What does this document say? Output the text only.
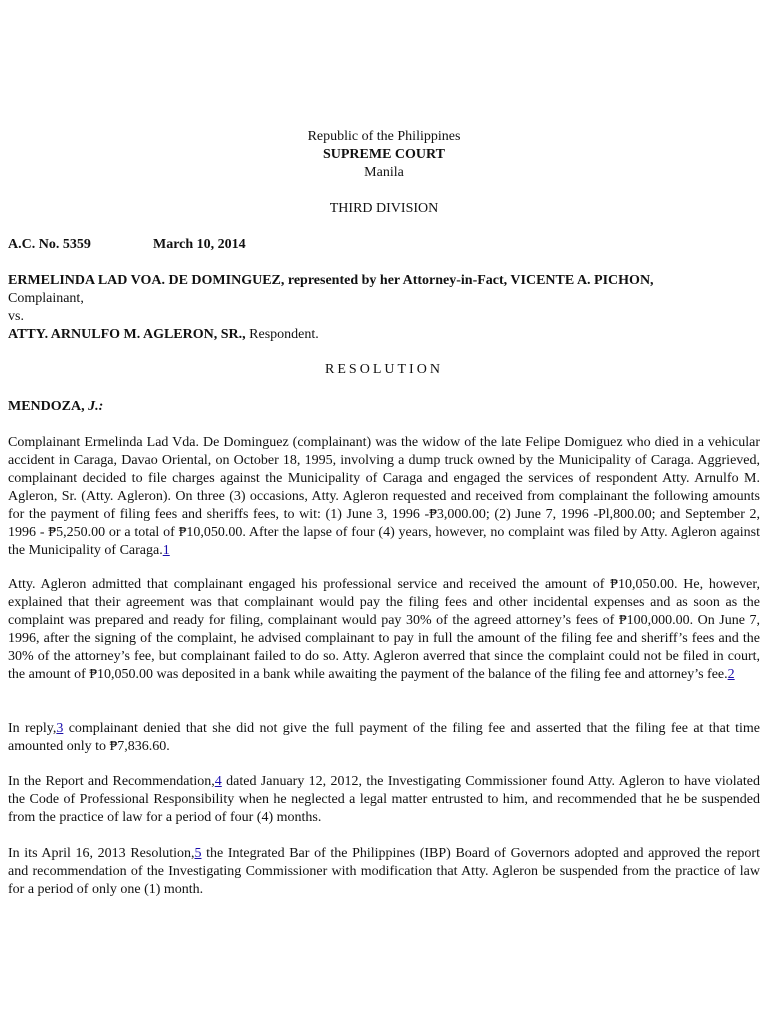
Republic of the Philippines
SUPREME COURT
Manila
THIRD DIVISION
A.C. No. 5359	March 10, 2014

ERMELINDA LAD VOA. DE DOMINGUEZ, represented by her Attorney-in-Fact, VICENTE A. PICHON,

Complainant,

vs.

ATTY. ARNULFO M. AGLERON, SR., Respondent.

RESOLUTION
MENDOZA, J.:

Complainant Ermelinda Lad Vda. De Dominguez (complainant) was the widow of the late Felipe Domiguez who died in a vehicular accident in Caraga, Davao Oriental, on October 18, 1995, involving a dump truck owned by the Municipality of Caraga. Aggrieved, complainant decided to file charges against the Municipality of Caraga and engaged the services of respondent Atty. Arnulfo M. Agleron, Sr. (Atty. Agleron). On three (3) occasions, Atty. Agleron requested and received from complainant the following amounts for the payment of filing fees and sheriffs fees, to wit: (1) June 3, 1996 -₱3,000.00; (2) June 7, 1996 -Pl,800.00; and September 2, 1996 - ₱5,250.00 or a total of ₱10,050.00. After the lapse of four (4) years, however, no complaint was filed by Atty. Agleron against the Municipality of Caraga.1

Atty. Agleron admitted that complainant engaged his professional service and received the amount of ₱10,050.00. He, however, explained that their agreement was that complainant would pay the filing fees and other incidental expenses and as soon as the complaint was prepared and ready for filing, complainant would pay 30% of the agreed attorney’s fees of ₱100,000.00. On June 7, 1996, after the signing of the complaint, he advised complainant to pay in full the amount of the filing fee and sheriff’s fees and the 30% of the attorney’s fee, but complainant failed to do so. Atty. Agleron averred that since the complaint could not be filed in court, the amount of ₱10,050.00 was deposited in a bank while awaiting the payment of the balance of the filing fee and attorney’s fee.2

In reply,3 complainant denied that she did not give the full payment of the filing fee and asserted that the filing fee at that time amounted only to ₱7,836.60.

In the Report and Recommendation,4 dated January 12, 2012, the Investigating Commissioner found Atty. Agleron to have violated the Code of Professional Responsibility when he neglected a legal matter entrusted to him, and recommended that he be suspended from the practice of law for a period of four (4) months.

In its April 16, 2013 Resolution,5 the Integrated Bar of the Philippines (IBP) Board of Governors adopted and approved the report and recommendation of the Investigating Commissioner with modification that Atty. Agleron be suspended from the practice of law for a period of only one (1) month.
